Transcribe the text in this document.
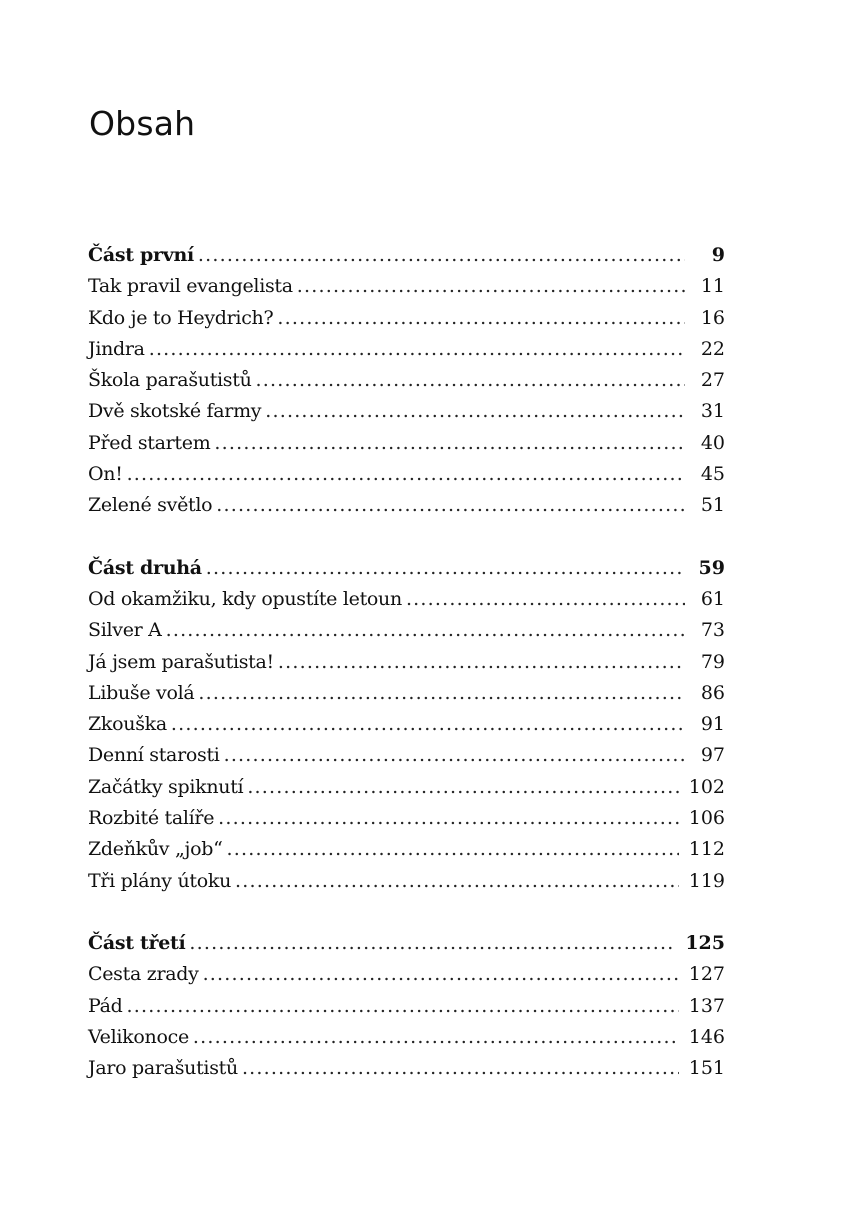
Obsah
Část první .....	9
Tak pravil evangelista .....	11
Kdo je to Heydrich? .....	16
Jindra .....	22
Škola parašutistů .....	27
Dvě skotské farmy .....	31
Před startem .....	40
On! .....	45
Zelené světlo .....	51
Část druhá .....	59
Od okamžiku, kdy opustíte letoun .....	61
Silver A .....	73
Já jsem parašutista! .....	79
Libuše volá .....	86
Zkouška .....	91
Denní starosti .....	97
Začátky spiknutí .....	102
Rozbité talíře .....	106
Zdeňkův „job“ .....	112
Tři plány útoku .....	119
Část třetí .....	125
Cesta zrady .....	127
Pád .....	137
Velikonoce .....	146
Jaro parašutistů .....	151
